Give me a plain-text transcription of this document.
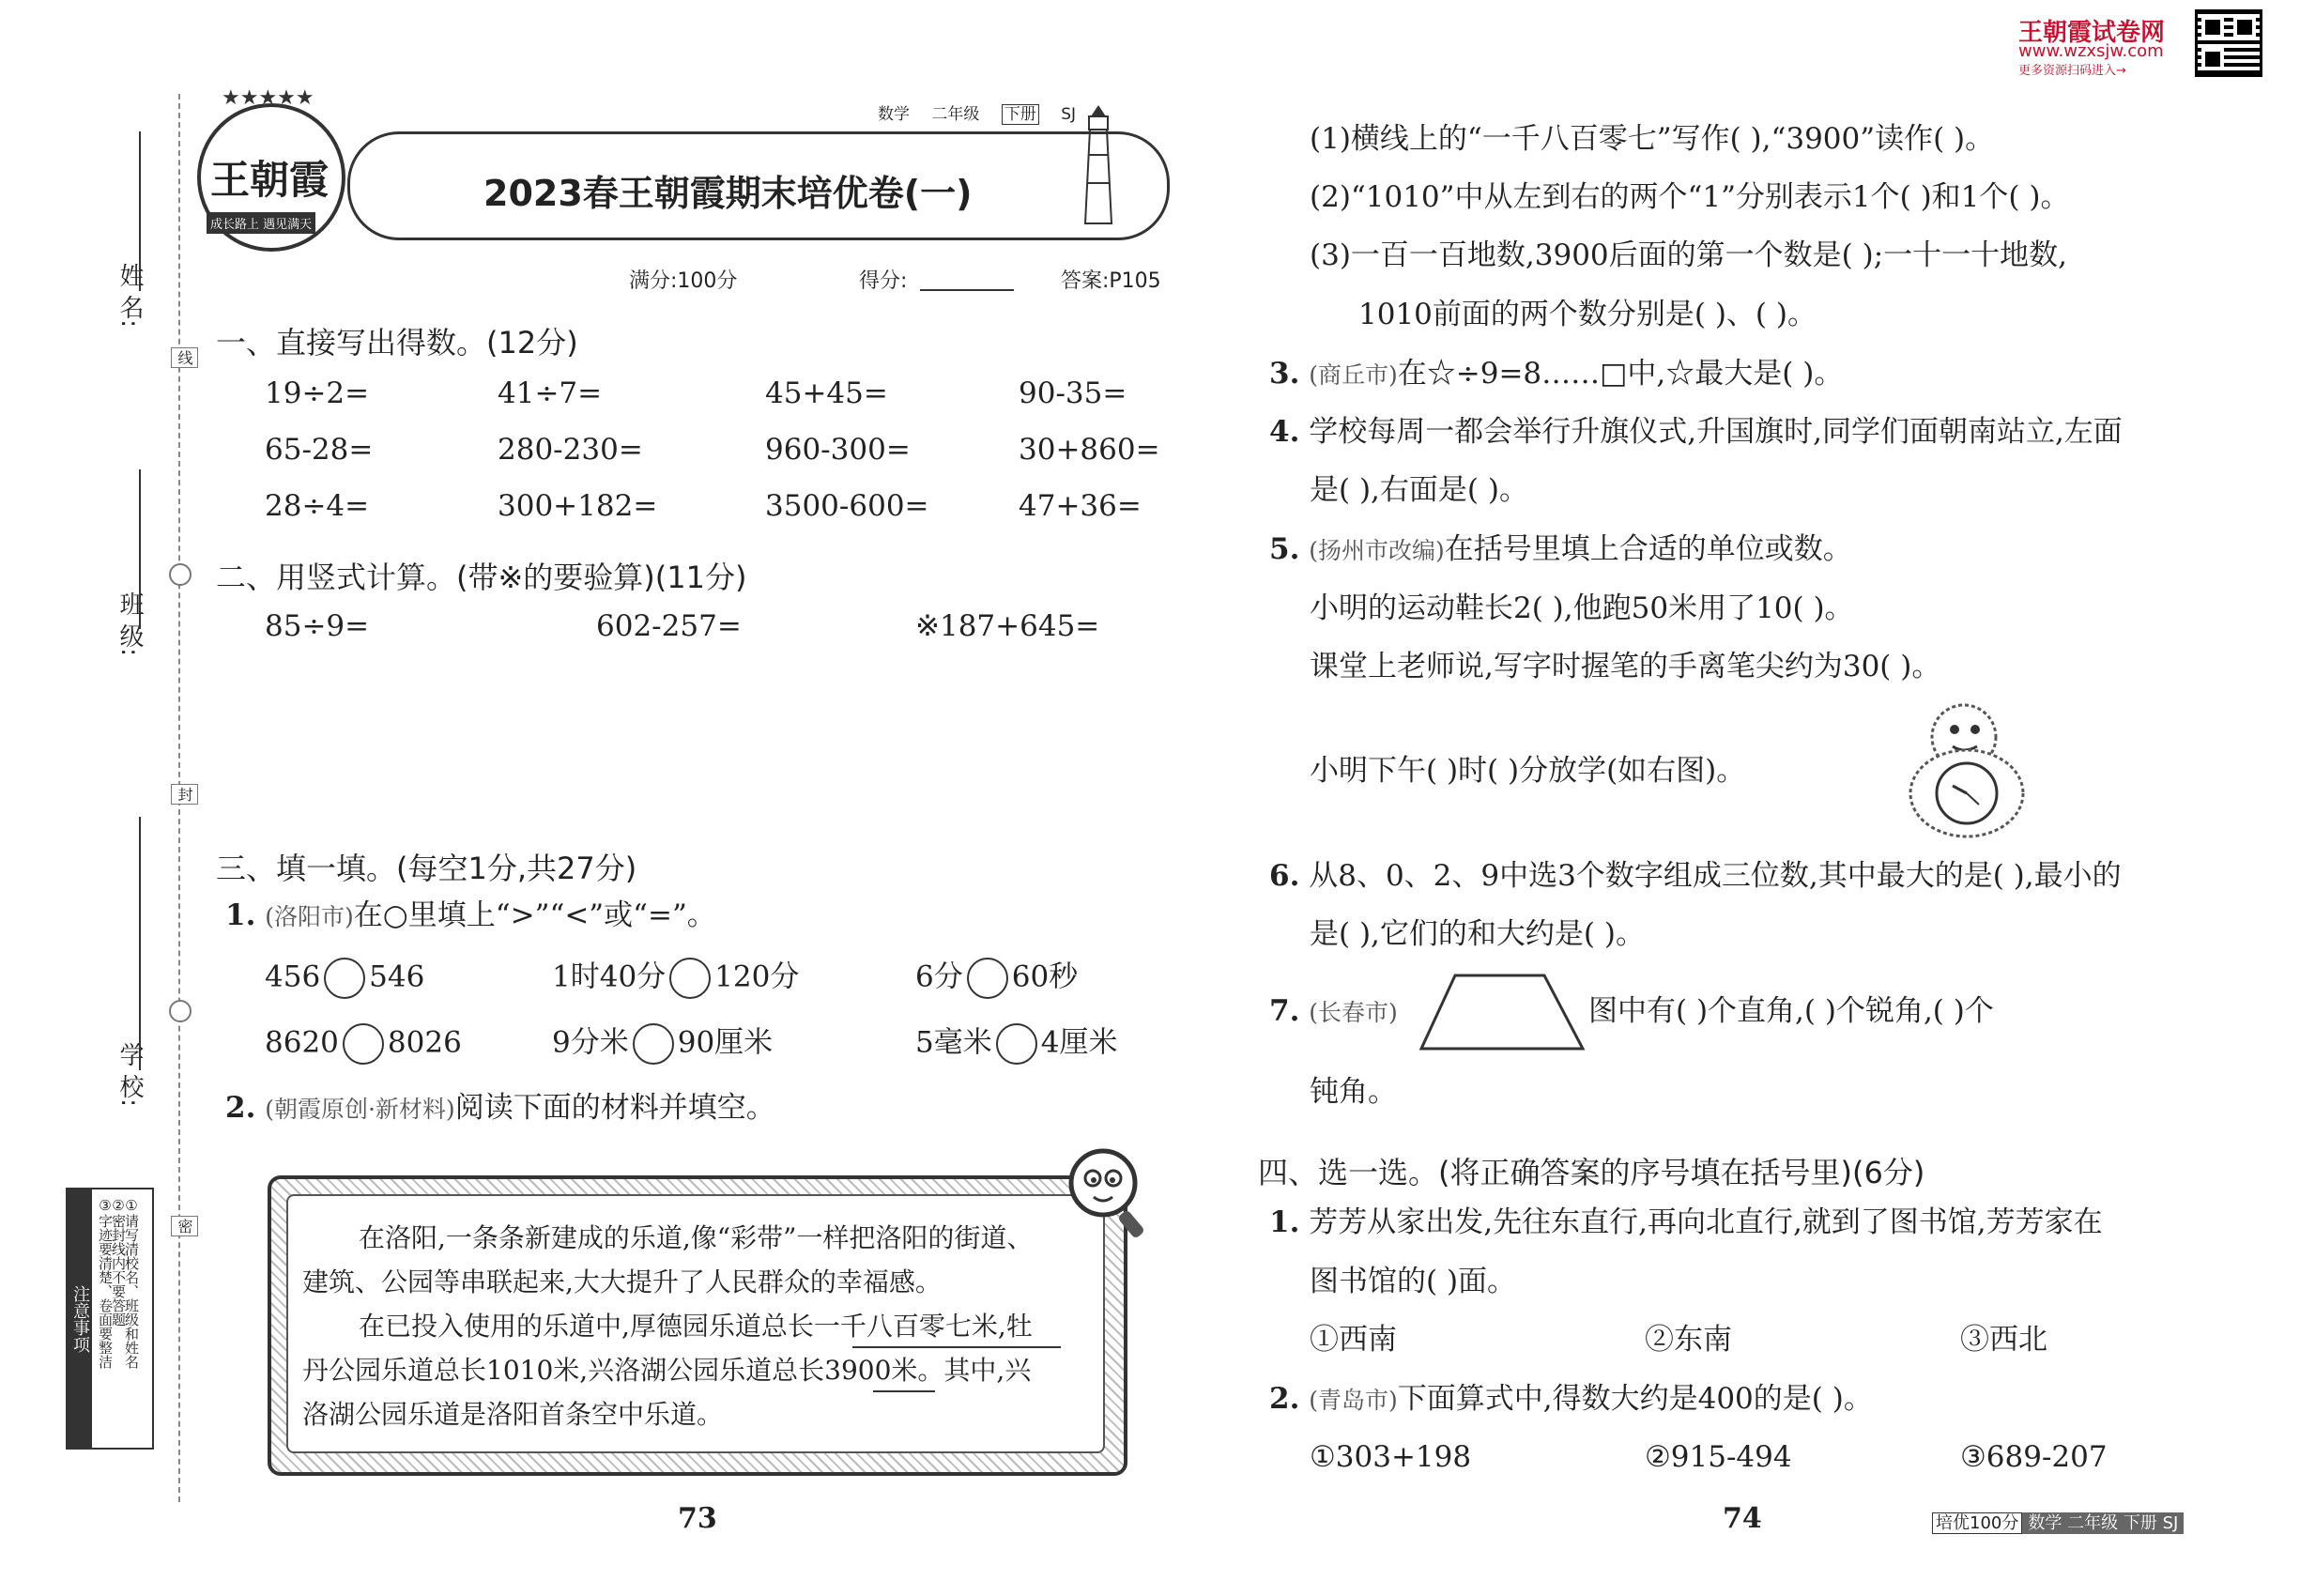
姓 名:
班 级:
学 校:
线
封
密
注意事项 ①请写清校名、班级和姓名
②密封线内不要答题
③字迹要清楚、卷面要整洁
★★★★★
王朝霞
成长路上 遇见满天
2023春王朝霞期末培优卷(一)
数学 二年级 下册 SJ
满分:100分	得分:	答案:P105
一、直接写出得数。(12分)
19÷2=	41÷7=	45+45=	90-35=
65-28=	280-230=	960-300=	30+860=
28÷4=	300+182=	3500-600=	47+36=
二、用竖式计算。(带※的要验算)(11分)
85÷9=	602-257=	※187+645=
三、填一填。(每空1分,共27分)
1. (洛阳市)在○里填上“>”“<”或“=”。
456 546	1时40分 120分	6分 60秒
8620 8026	9分米 90厘米	5毫米 4厘米
2. (朝霞原创·新材料)阅读下面的材料并填空。
在洛阳,一条条新建成的乐道,像“彩带”一样把洛阳的街道、
建筑、公园等串联起来,大大提升了人民群众的幸福感。
在已投入使用的乐道中,厚德园乐道总长一千八百零七米,牡
丹公园乐道总长1010米,兴洛湖公园乐道总长3900米。其中,兴
洛湖公园乐道是洛阳首条空中乐道。
73
王朝霞试卷网
www.wzxsjw.com
更多资源扫码进入→
(1)横线上的“一千八百零七”写作( ),“3900”读作( )。
(2)“1010”中从左到右的两个“1”分别表示1个( )和1个( )。
(3)一百一百地数,3900后面的第一个数是( );一十一十地数,
1010前面的两个数分别是( )、( )。
3. (商丘市)在☆÷9=8……□中,☆最大是( )。
4. 学校每周一都会举行升旗仪式,升国旗时,同学们面朝南站立,左面
是( ),右面是( )。
5. (扬州市改编)在括号里填上合适的单位或数。
小明的运动鞋长2( ),他跑50米用了10( )。
课堂上老师说,写字时握笔的手离笔尖约为30( )。
小明下午( )时( )分放学(如右图)。
6. 从8、0、2、9中选3个数字组成三位数,其中最大的是( ),最小的
是( ),它们的和大约是( )。
7. (长春市)	图中有( )个直角,( )个锐角,( )个
钝角。
四、选一选。(将正确答案的序号填在括号里)(6分)
1. 芳芳从家出发,先往东直行,再向北直行,就到了图书馆,芳芳家在
图书馆的( )面。
①西南	②东南	③西北
2. (青岛市)下面算式中,得数大约是400的是( )。
①303+198	②915-494	③689-207
74	培优100分 数学 二年级 下册 SJ
